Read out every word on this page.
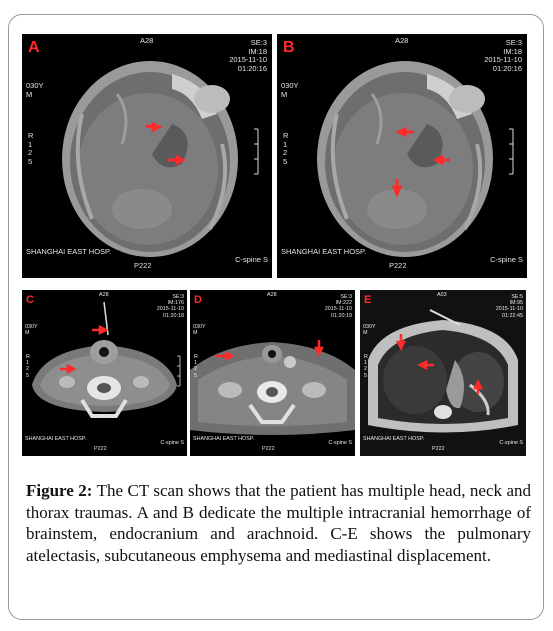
A	A28	SE:3
IM:18
2015-11-10
01:20:16
030Y
M
R
1
2
5
SHANGHAI EAST HOSP.
P222
C-spine S
B	A28	SE:3
IM:18
2015-11-10
01:20:16
030Y
M
R
1
2
5
SHANGHAI EAST HOSP.
P222
C-spine S
C	A28	SE:3
IM:176
2015-11-10
01:20:18
030Y
M
R
1
2
5
SHANGHAI EAST HOSP.
P222
C-spine S
D	A28	SE:3
IM:222
2015-11-10
01:20:19
030Y
M
R
1
2
5
SHANGHAI EAST HOSP.
P222
C-spine S
E	A03	SE:5
IM:95
2015-11-10
01:22:45
030Y
M
R
1
2
5
SHANGHAI EAST HOSP.
P222
C-spine S
Figure 2: The CT scan shows that the patient has multiple head, neck and thorax traumas. A and B dedicate the multiple intracranial hemorrhage of brainstem, endocranium and arachnoid. C-E shows the pulmonary atelectasis, subcutaneous emphysema and mediastinal displacement.
